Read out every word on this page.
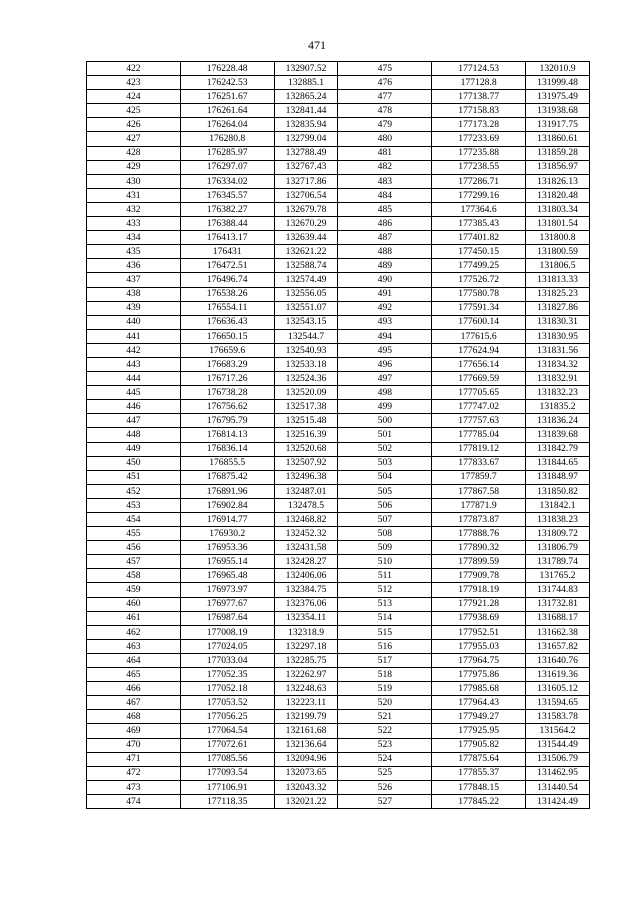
471
422	176228.48	132907.52	475	177124.53	132010.9
423	176242.53	132885.1	476	177128.8	131999.48
424	176251.67	132865.24	477	177138.77	131975.49
425	176261.64	132841.44	478	177158.83	131938.68
426	176264.04	132835.94	479	177173.28	131917.75
427	176280.8	132799.04	480	177233.69	131860.61
428	176285.97	132788.49	481	177235.88	131859.28
429	176297.07	132767.43	482	177238.55	131856.97
430	176334.02	132717.86	483	177286.71	131826.13
431	176345.57	132706.54	484	177299.16	131820.48
432	176382.27	132679.78	485	177364.6	131803.34
433	176388.44	132670.29	486	177385.43	131801.54
434	176413.17	132639.44	487	177401.82	131800.8
435	176431	132621.22	488	177450.15	131800.59
436	176472.51	132588.74	489	177499.25	131806.5
437	176496.74	132574.49	490	177526.72	131813.33
438	176538.26	132556.05	491	177580.78	131825.23
439	176554.11	132551.07	492	177591.34	131827.86
440	176636.43	132543.15	493	177600.14	131830.31
441	176650.15	132544.7	494	177615.6	131830.95
442	176659.6	132540.93	495	177624.94	131831.56
443	176683.29	132533.18	496	177656.14	131834.32
444	176717.26	132524.36	497	177669.59	131832.91
445	176738.28	132520.09	498	177705.65	131832.23
446	176756.62	132517.38	499	177747.02	131835.2
447	176795.79	132515.48	500	177757.63	131836.24
448	176814.13	132516.39	501	177785.04	131839.68
449	176836.14	132520.68	502	177819.12	131842.79
450	176855.5	132507.92	503	177833.67	131844.65
451	176875.42	132496.38	504	177859.7	131848.97
452	176891.96	132487.01	505	177867.58	131850.82
453	176902.84	132478.5	506	177871.9	131842.1
454	176914.77	132468.82	507	177873.87	131838.23
455	176930.2	132452.32	508	177888.76	131809.72
456	176953.36	132431.58	509	177890.32	131806.79
457	176955.14	132428.27	510	177899.59	131789.74
458	176965.48	132406.06	511	177909.78	131765.2
459	176973.97	132384.75	512	177918.19	131744.83
460	176977.67	132376.06	513	177921.28	131732.81
461	176987.64	132354.11	514	177938.69	131688.17
462	177008.19	132318.9	515	177952.51	131662.38
463	177024.05	132297.18	516	177955.03	131657.82
464	177033.04	132285.75	517	177964.75	131640.76
465	177052.35	132262.97	518	177975.86	131619.36
466	177052.18	132248.63	519	177985.68	131605.12
467	177053.52	132223.11	520	177964.43	131594.65
468	177056.25	132199.79	521	177949.27	131583.78
469	177064.54	132161.68	522	177925.95	131564.2
470	177072.61	132136.64	523	177905.82	131544.49
471	177085.56	132094.96	524	177875.64	131506.79
472	177093.54	132073.65	525	177855.37	131462.95
473	177106.91	132043.32	526	177848.15	131440.54
474	177118.35	132021.22	527	177845.22	131424.49
